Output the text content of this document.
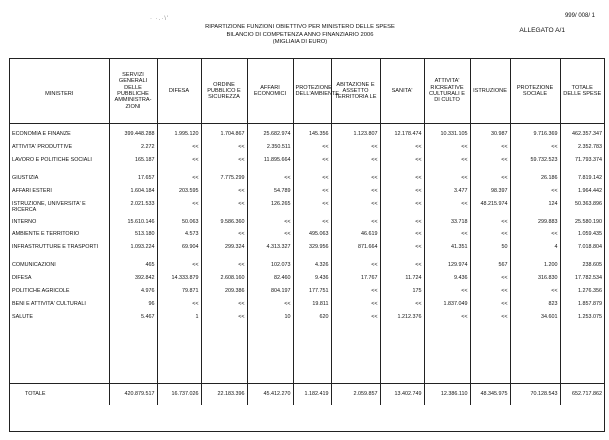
999/ 008/ 1
· ·.·\'
ALLEGATO A/1
RIPARTIZIONE FUNZIONI OBIETTIVO PER MINISTERO DELLE SPESE
BILANCIO DI COMPETENZA ANNO FINANZIARIO 2006
(MIGLIAIA DI EURO)
MINISTERI	SERVIZI GENERALI DELLE PUBBLICHE AMMINISTRA-ZIONI	DIFESA	ORDINE PUBBLICO E SICUREZZA	AFFARI ECONOMICI	PROTEZIONE DELL'AMBIENTE	ABITAZIONE E ASSETTO TERRITORIA LE	SANITA'	ATTIVITA' RICREATIVE CULTURALI E DI CULTO	ISTRUZIONE	PROTEZIONE SOCIALE	TOTALE DELLE SPESE

ECONOMIA E FINANZE	399.448.288	1.995.120	1.704.867	25.682.974	145.356	1.123.807	12.178.474	10.331.105	30.987	9.716.369	462.357.347
ATTIVITA' PRODUTTIVE	2.272	<<	<<	2.350.511	<<	<<	<<	<<	<<	<<	2.352.783
LAVORO E POLITICHE SOCIALI	165.187	<<	<<	11.895.664	<<	<<	<<	<<	<<	59.732.523	71.793.374
GIUSTIZIA	17.657	<<	7.775.299	<<	<<	<<	<<	<<	<<	26.186	7.819.142
AFFARI ESTERI	1.604.184	203.595	<<	54.789	<<	<<	<<	3.477	98.397	<<	1.964.442
ISTRUZIONE, UNIVERSITA' E RICERCA	2.021.533	<<	<<	126.265	<<	<<	<<	<<	48.215.974	124	50.363.896
INTERNO	15.610.146	50.063	9.586.360	<<	<<	<<	<<	33.718	<<	299.883	25.580.190
AMBIENTE E TERRITORIO	513.180	4.573	<<	<<	495.063	46.619	<<	<<	<<	<<	1.059.435
INFRASTRUTTURE E TRASPORTI	1.093.224	69.904	299.324	4.313.327	329.956	871.664	<<	41.351	50	4	7.018.804
COMUNICAZIONI	465	<<	<<	102.073	4.326	<<	<<	129.974	567	1.200	238.605
DIFESA	392.842	14.333.879	2.608.160	82.460	9.436	17.767	11.724	9.436	<<	316.830	17.782.534
POLITICHE AGRICOLE	4.976	79.871	209.386	804.197	177.751	<<	175	<<	<<	<<	1.276.356
BENI E ATTIVITA' CULTURALI	96	<<	<<	<<	19.811	<<	<<	1.837.049	<<	823	1.857.879
SALUTE	5.467	1	<<	10	620	<<	1.212.376	<<	<<	34.601	1.253.075

TOTALE	420.879.517	16.737.026	22.183.396	45.412.270	1.182.419	2.059.857	13.402.749	12.386.110	48.345.975	70.128.543	652.717.862
